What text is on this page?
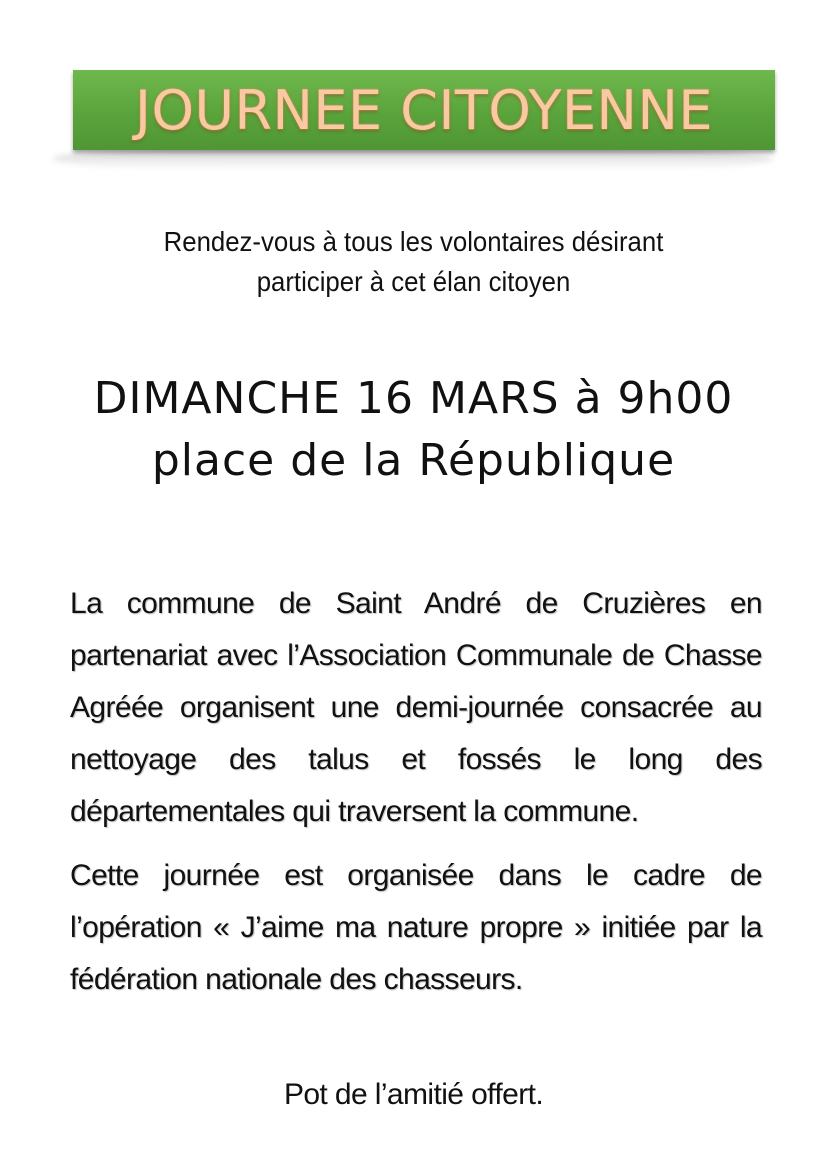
JOURNEE CITOYENNE
Rendez-vous à tous les volontaires désirant
participer à cet élan citoyen
DIMANCHE 16 MARS à 9h00
place de la République

La commune de Saint André de Cruzières en partenariat avec l’Association Communale de Chasse Agréée organisent une demi-journée consacrée au nettoyage des talus et fossés le long des départementales qui traversent la commune.

Cette journée est organisée dans le cadre de l’opération « J’aime ma nature propre » initiée par la fédération nationale des chasseurs.

Pot de l’amitié offert.
